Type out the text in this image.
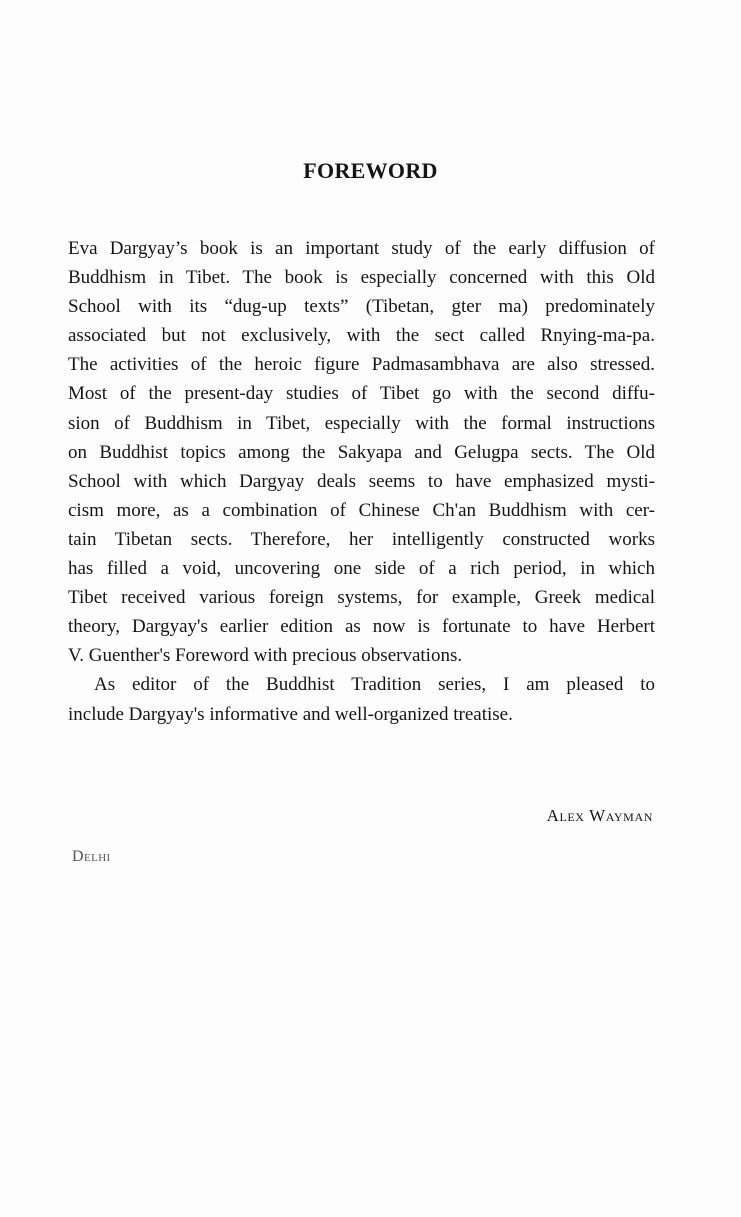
FOREWORD
Eva Dargyay’s book is an important study of the early diffusion of
Buddhism in Tibet. The book is especially concerned with this Old
School with its “dug-up texts” (Tibetan, gter ma) predominately
associated but not exclusively, with the sect called Rnying-ma-pa.
The activities of the heroic figure Padmasambhava are also stressed.
Most of the present-day studies of Tibet go with the second diffu-
sion of Buddhism in Tibet, especially with the formal instructions
on Buddhist topics among the Sakyapa and Gelugpa sects. The Old
School with which Dargyay deals seems to have emphasized mysti-
cism more, as a combination of Chinese Ch'an Buddhism with cer-
tain Tibetan sects. Therefore, her intelligently constructed works
has filled a void, uncovering one side of a rich period, in which
Tibet received various foreign systems, for example, Greek medical
theory, Dargyay's earlier edition as now is fortunate to have Herbert
V. Guenther's Foreword with precious observations.
As editor of the Buddhist Tradition series, I am pleased to
include Dargyay's informative and well-organized treatise.
Alex Wayman
Delhi
